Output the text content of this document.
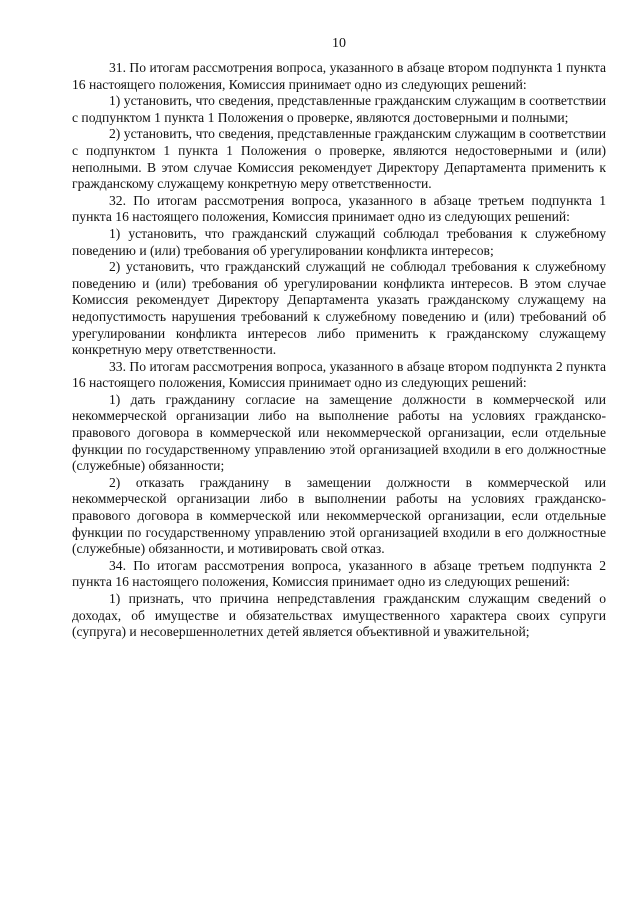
10

31. По итогам рассмотрения вопроса, указанного в абзаце втором подпункта 1 пункта 16 настоящего положения, Комиссия принимает одно из следующих решений:

1) установить, что сведения, представленные гражданским служащим в соответствии с подпунктом 1 пункта 1 Положения о проверке, являются достоверными и полными;

2) установить, что сведения, представленные гражданским служащим в соответствии с подпунктом 1 пункта 1 Положения о проверке, являются недостоверными и (или) неполными. В этом случае Комиссия рекомендует Директору Департамента применить к гражданскому служащему конкретную меру ответственности.

32. По итогам рассмотрения вопроса, указанного в абзаце третьем подпункта 1 пункта 16 настоящего положения, Комиссия принимает одно из следующих решений:

1) установить, что гражданский служащий соблюдал требования к служебному поведению и (или) требования об урегулировании конфликта интересов;

2) установить, что гражданский служащий не соблюдал требования к служебному поведению и (или) требования об урегулировании конфликта интересов. В этом случае Комиссия рекомендует Директору Департамента указать гражданскому служащему на недопустимость нарушения требований к служебному поведению и (или) требований об урегулировании конфликта интересов либо применить к гражданскому служащему конкретную меру ответственности.

33. По итогам рассмотрения вопроса, указанного в абзаце втором подпункта 2 пункта 16 настоящего положения, Комиссия принимает одно из следующих решений:

1) дать гражданину согласие на замещение должности в коммерческой или некоммерческой организации либо на выполнение работы на условиях гражданско-правового договора в коммерческой или некоммерческой организации, если отдельные функции по государственному управлению этой организацией входили в его должностные (служебные) обязанности;

2) отказать гражданину в замещении должности в коммерческой или некоммерческой организации либо в выполнении работы на условиях гражданско-правового договора в коммерческой или некоммерческой организации, если отдельные функции по государственному управлению этой организацией входили в его должностные (служебные) обязанности, и мотивировать свой отказ.

34. По итогам рассмотрения вопроса, указанного в абзаце третьем подпункта 2 пункта 16 настоящего положения, Комиссия принимает одно из следующих решений:

1) признать, что причина непредставления гражданским служащим сведений о доходах, об имуществе и обязательствах имущественного характера своих супруги (супруга) и несовершеннолетних детей является объективной и уважительной;
